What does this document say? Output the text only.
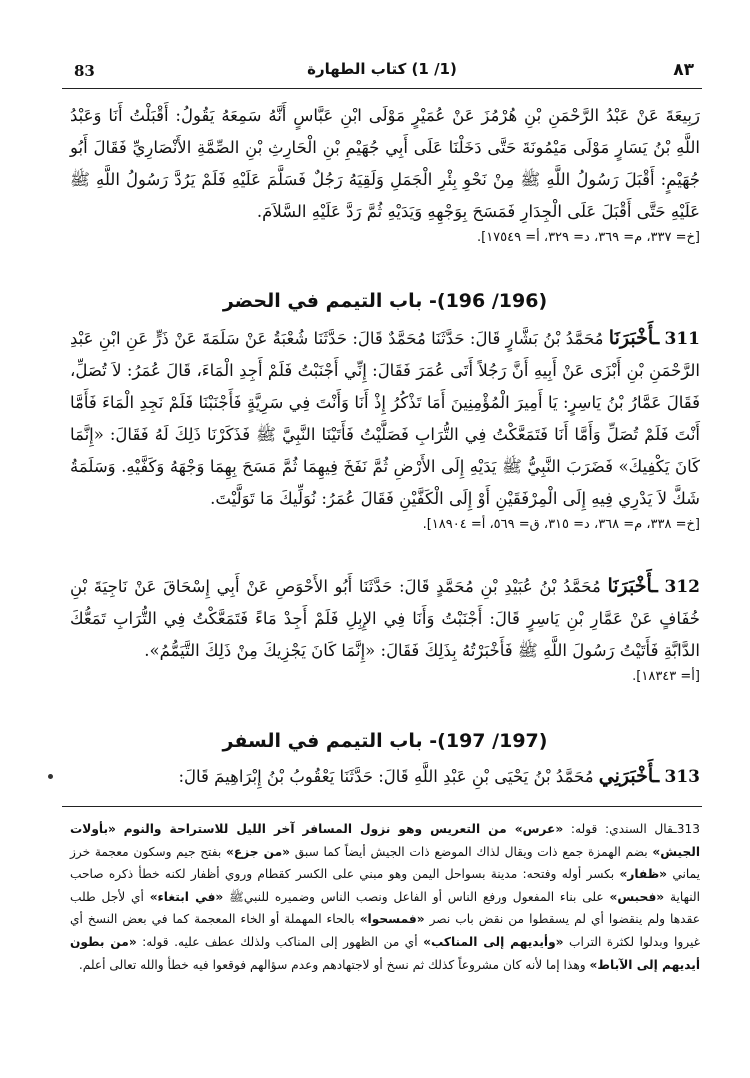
83	(1/ 1) كتاب الطهارة	٨٣

رَبِيعَةَ عَنْ عَبْدُ الرَّحْمَنِ بْنِ هُرْمُزَ عَنْ عُمَيْرٍ مَوْلَى ابْنِ عَبَّاسٍ أَنَّهُ سَمِعَهُ يَقُولُ: أَقْبَلْتُ أَنَا وَعَبْدُ اللَّهِ بْنُ يَسَارٍ مَوْلَى مَيْمُونَةَ حَتَّى دَخَلْنَا عَلَى أَبِي جُهَيْمِ بْنِ الْحَارِثِ بْنِ الصِّمَّةِ الأَنْصَارِيِّ فَقَالَ أَبُو جُهَيْمٍ: أَقْبَلَ رَسُولُ اللَّهِ ﷺ مِنْ نَحْوِ بِئْرِ الْجَمَلِ وَلَقِيَهُ رَجُلٌ فَسَلَّمَ عَلَيْهِ فَلَمْ يَرُدَّ رَسُولُ اللَّهِ ﷺ عَلَيْهِ حَتَّى أَقْبَلَ عَلَى الْجِدَارِ فَمَسَحَ بِوَجْهِهِ وَيَدَيْهِ ثُمَّ رَدَّ عَلَيْهِ السَّلاَمَ.

[خ= ٣٣٧، م= ٣٦٩، د= ٣٢٩، أ= ١٧٥٤٩].
(196/ 196)- باب التيمم في الحضر

311 ـأَخْبَرَنَا مُحَمَّدُ بْنُ بَشَّارٍ قَالَ: حَدَّثَنَا مُحَمَّدٌ قَالَ: حَدَّثَنَا شُعْبَةُ عَنْ سَلَمَةَ عَنْ ذَرٍّ عَنِ ابْنِ عَبْدِ الرَّحْمَنِ بْنِ أَبْزَى عَنْ أَبِيهِ أَنَّ رَجُلاً أَتَى عُمَرَ فَقَالَ: إِنِّي أَجْنَبْتُ فَلَمْ أَجِدِ الْمَاءَ، قَالَ عُمَرُ: لاَ تُصَلِّ، فَقَالَ عَمَّارُ بْنُ يَاسِرٍ: يَا أَمِيرَ الْمُؤْمِنِينَ أَمَا تَذْكُرُ إِذْ أَنَا وَأَنْتَ فِي سَرِيَّةٍ فَأَجْنَبْنَا فَلَمْ نَجِدِ الْمَاءَ فَأَمَّا أَنْتَ فَلَمْ تُصَلِّ وَأَمَّا أَنَا فَتَمَعَّكْتُ فِي التُّرَابِ فَصَلَّيْتُ فَأَتَيْنَا النَّبِيَّ ﷺ فَذَكَرْنَا ذَلِكَ لَهُ فَقَالَ: «إِنَّمَا كَانَ يَكْفِيكَ» فَضَرَبَ النَّبِيُّ ﷺ يَدَيْهِ إِلَى الأَرْضِ ثُمَّ نَفَخَ فِيهِمَا ثُمَّ مَسَحَ بِهِمَا وَجْهَهُ وَكَفَّيْهِ. وَسَلَمَةُ شَكَّ لاَ يَدْرِي فِيهِ إِلَى الْمِرْفَقَيْنِ أَوْ إِلَى الْكَفَّيْنِ فَقَالَ عُمَرُ: نُوَلِّيكَ مَا تَوَلَّيْتَ.

[خ= ٣٣٨، م= ٣٦٨، د= ٣١٥، ق= ٥٦٩، أ= ١٨٩٠٤].

312 ـأَخْبَرَنَا مُحَمَّدُ بْنُ عُبَيْدِ بْنِ مُحَمَّدٍ قَالَ: حَدَّثَنَا أَبُو الأَحْوَصِ عَنْ أَبِي إِسْحَاقَ عَنْ نَاجِيَةَ بْنِ خُفَافٍ عَنْ عَمَّارِ بْنِ يَاسِرٍ قَالَ: أَجْنَبْتُ وَأَنَا فِي الإِبِلِ فَلَمْ أَجِدْ مَاءً فَتَمَعَّكْتُ فِي التُّرَابِ تَمَعُّكَ الدَّابَّةِ فَأَتَيْتُ رَسُولَ اللَّهِ ﷺ فَأَخْبَرْتُهُ بِذَلِكَ فَقَالَ: «إِنَّمَا كَانَ يَجْزِيكَ مِنْ ذَلِكَ التَّيَمُّمُ».

[أ= ١٨٣٤٣].
(197/ 197)- باب التيمم في السفر

313 ـأَخْبَرَنِي مُحَمَّدُ بْنُ يَحْيَى بْنِ عَبْدِ اللَّهِ قَالَ: حَدَّثَنَا يَعْقُوبُ بْنُ إِبْرَاهِيمَ قَالَ:

313ـقال السندي: قوله: «عرس» من التعريس وهو نزول المسافر آخر الليل للاستراحة والنوم «بأولات الجيش» بضم الهمزة جمع ذات ويقال لذاك الموضع ذات الجيش أيضاً كما سبق «من جزع» بفتح جيم وسكون معجمة خرز يماني «ظفار» بكسر أوله وفتحه: مدينة بسواحل اليمن وهو مبني على الكسر كقطام وروي أظفار لكنه خطأ ذكره صاحب النهاية «فحبس» على بناء المفعول ورفع الناس أو الفاعل ونصب الناس وضميره للنبيﷺ «في ابتغاء» أي لأجل طلب عقدها ولم ينقضوا أي لم يسقطوا من نقض باب نصر «فمسحوا» بالحاء المهملة أو الخاء المعجمة كما في بعض النسخ أي غيروا وبدلوا لكثرة التراب «وأيديهم إلى المناكب» أي من الظهور إلى المناكب ولذلك عطف عليه. قوله: «من بطون أيديهم إلى الآباط» وهذا إما لأنه كان مشروعاً كذلك ثم نسخ أو لاجتهادهم وعدم سؤالهم فوقعوا فيه خطأ والله تعالى أعلم.
